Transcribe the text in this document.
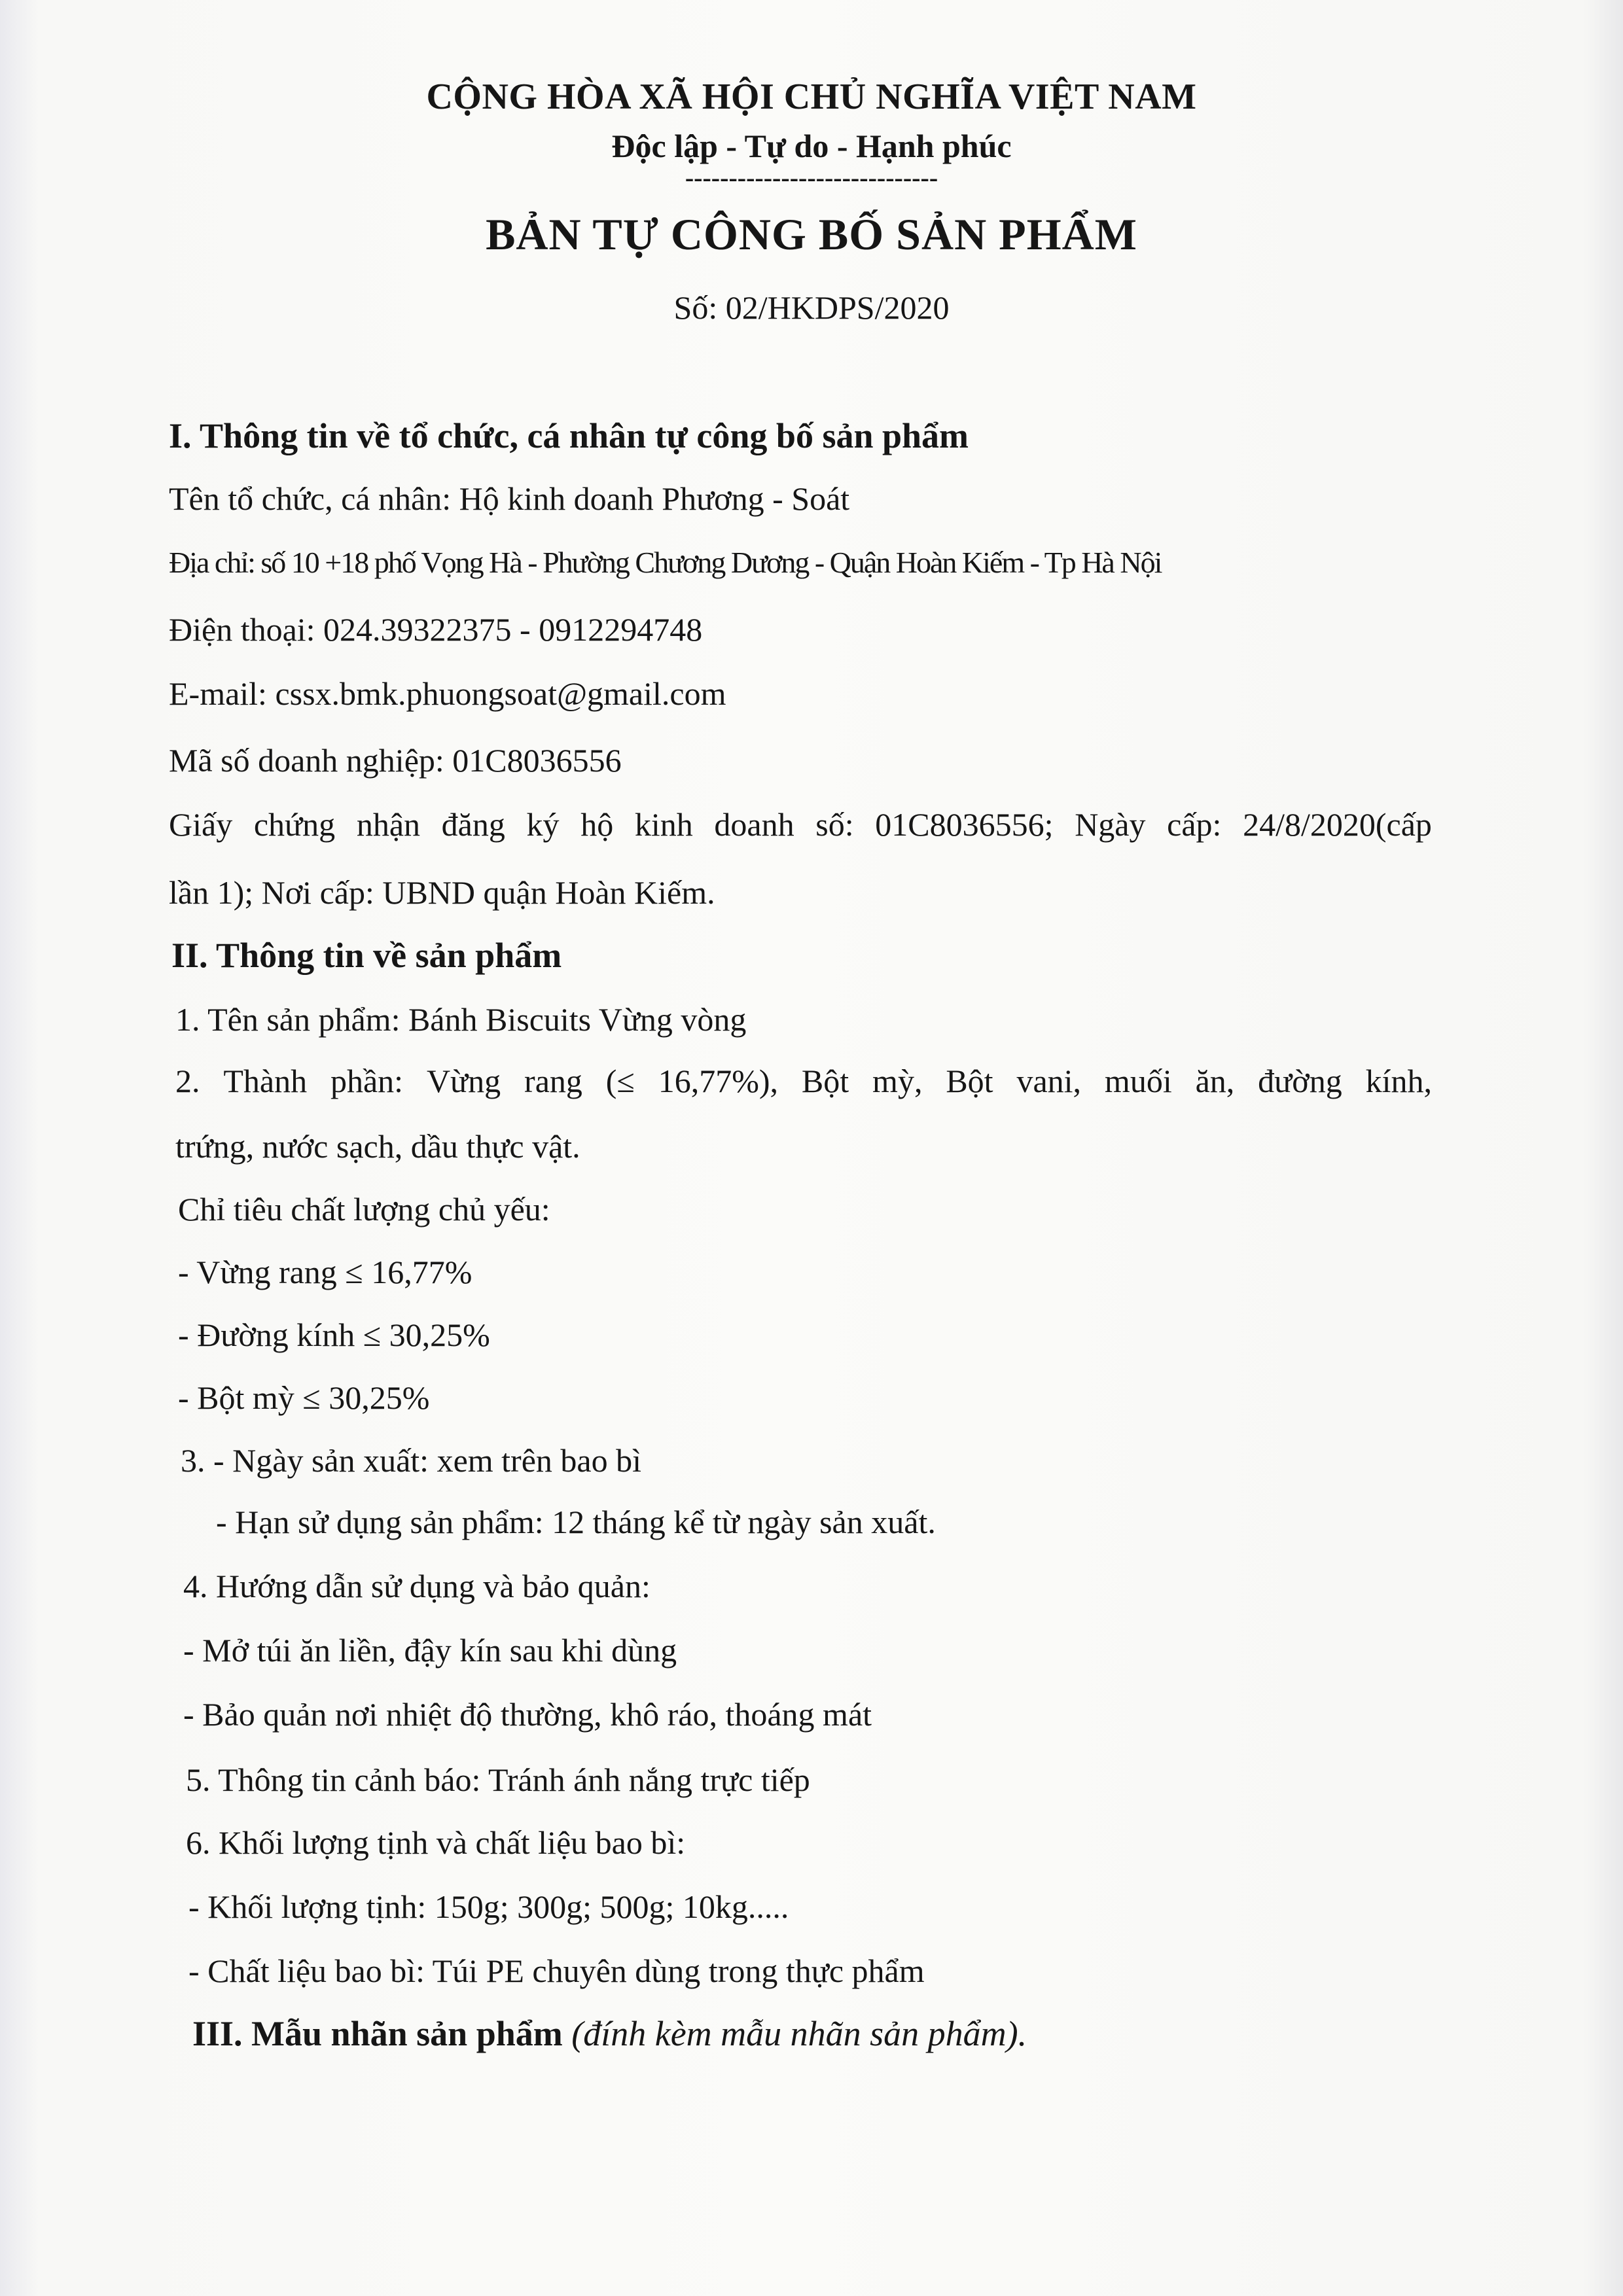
CỘNG HÒA XÃ HỘI CHỦ NGHĨA VIỆT NAM
Độc lập - Tự do - Hạnh phúc
-----------------------------
BẢN TỰ CÔNG BỐ SẢN PHẨM
Số: 02/HKDPS/2020
I. Thông tin về tổ chức, cá nhân tự công bố sản phẩm
Tên tổ chức, cá nhân: Hộ kinh doanh Phương - Soát
Địa chỉ: số 10 +18 phố Vọng Hà - Phường Chương Dương - Quận Hoàn Kiếm - Tp Hà Nội
Điện thoại: 024.39322375 - 0912294748
E-mail: cssx.bmk.phuongsoat@gmail.com
Mã số doanh nghiệp: 01C8036556
Giấy chứng nhận đăng ký hộ kinh doanh số: 01C8036556; Ngày cấp: 24/8/2020(cấp
lần 1); Nơi cấp: UBND quận Hoàn Kiếm.
II. Thông tin về sản phẩm
1. Tên sản phẩm: Bánh Biscuits Vừng vòng
2. Thành phần: Vừng rang (≤ 16,77%), Bột mỳ, Bột vani, muối ăn, đường kính,
trứng, nước sạch, dầu thực vật.
Chỉ tiêu chất lượng chủ yếu:
- Vừng rang ≤ 16,77%
- Đường kính ≤ 30,25%
- Bột mỳ ≤ 30,25%
3. - Ngày sản xuất: xem trên bao bì
- Hạn sử dụng sản phẩm: 12 tháng kể từ ngày sản xuất.
4. Hướng dẫn sử dụng và bảo quản:
- Mở túi ăn liền, đậy kín sau khi dùng
- Bảo quản nơi nhiệt độ thường, khô ráo, thoáng mát
5. Thông tin cảnh báo: Tránh ánh nắng trực tiếp
6. Khối lượng tịnh và chất liệu bao bì:
- Khối lượng tịnh: 150g; 300g; 500g; 10kg.....
- Chất liệu bao bì: Túi PE chuyên dùng trong thực phẩm
III. Mẫu nhãn sản phẩm (đính kèm mẫu nhãn sản phẩm).
